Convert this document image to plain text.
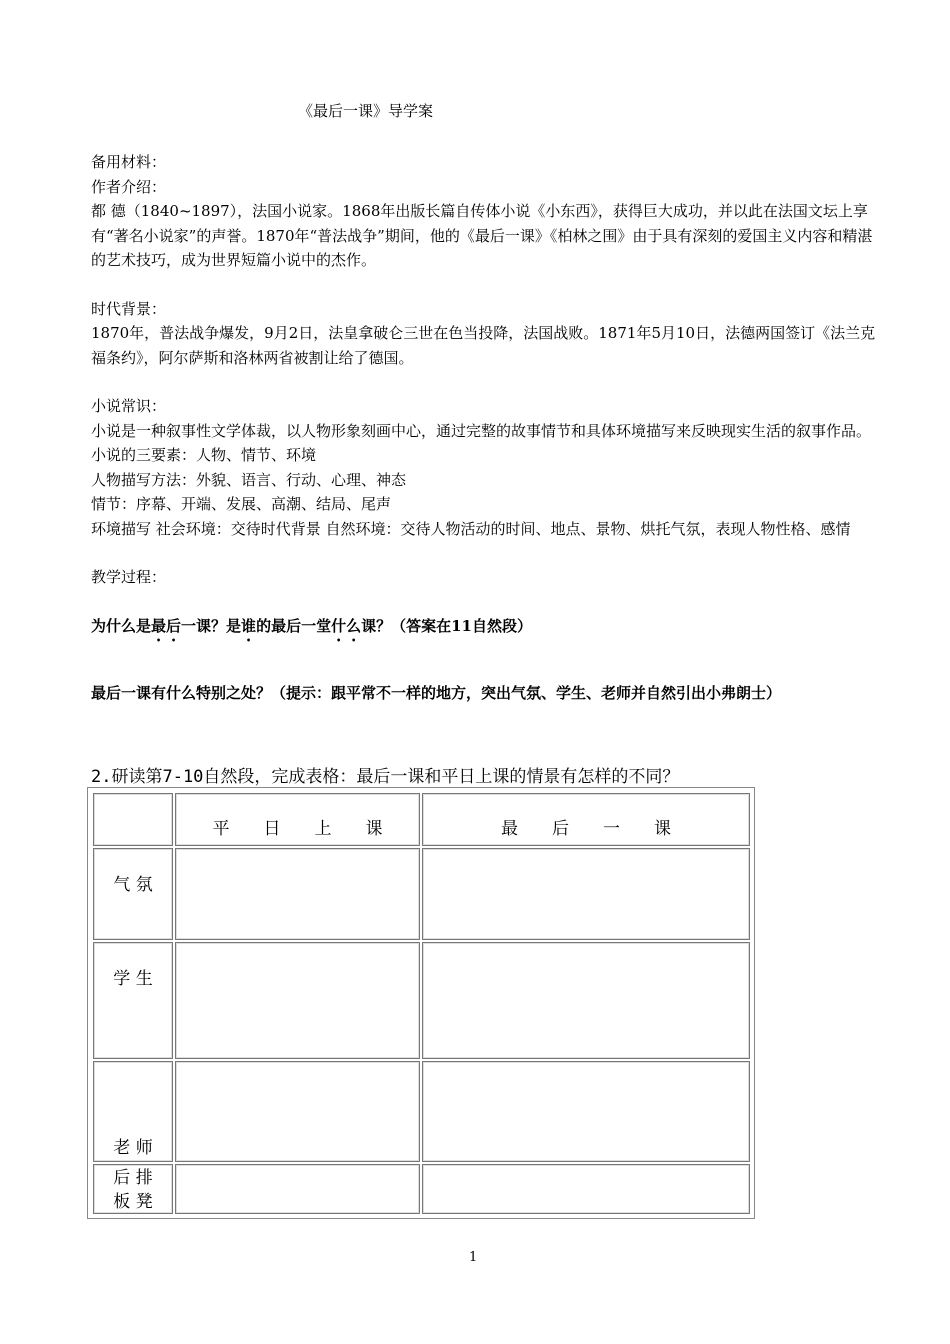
《最后一课》导学案

备用材料：

作者介绍：

都 德（1840~1897），法国小说家。1868年出版长篇自传体小说《小东西》，获得巨大成功，并以此在法国文坛上享有“著名小说家”的声誉。1870年“普法战争”期间，他的《最后一课》《柏林之围》由于具有深刻的爱国主义内容和精湛的艺术技巧，成为世界短篇小说中的杰作。

时代背景：

1870年，普法战争爆发，9月2日，法皇拿破仑三世在色当投降，法国战败。1871年5月10日，法德两国签订《法兰克福条约》，阿尔萨斯和洛林两省被割让给了德国。

小说常识：

小说是一种叙事性文学体裁，以人物形象刻画中心，通过完整的故事情节和具体环境描写来反映现实生活的叙事作品。

小说的三要素：人物、情节、环境

人物描写方法：外貌、语言、行动、心理、神态

情节：序幕、开端、发展、高潮、结局、尾声

环境描写 社会环境：交待时代背景 自然环境：交待人物活动的时间、地点、景物、烘托气氛，表现人物性格、感情

教学过程：

为什么是最后一课？是谁的最后一堂什么课？（答案在11自然段）

最后一课有什么特别之处？（提示：跟平常不一样的地方，突出气氛、学生、老师并自然引出小弗朗士）

2.研读第7-10自然段，完成表格：最后一课和平日上课的情景有怎样的不同？
平　　日　　上　　课	最　　后　　一　　课
气 氛
学 生
老 师
后 排
板 凳
1
